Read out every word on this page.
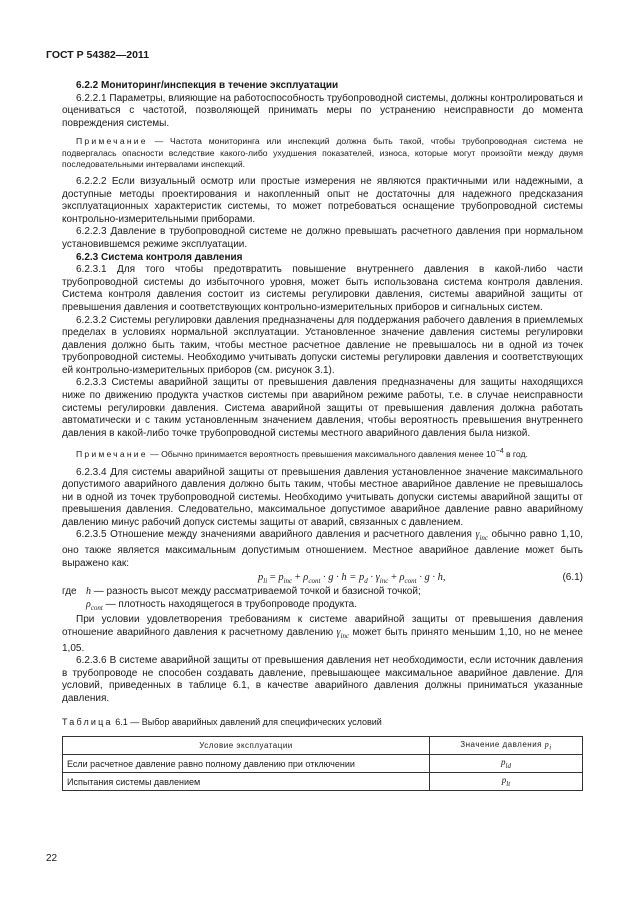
ГОСТ Р 54382—2011
6.2.2 Мониторинг/инспекция в течение эксплуатации

6.2.2.1 Параметры, влияющие на работоспособность трубопроводной системы, должны контролироваться и оцениваться с частотой, позволяющей принимать меры по устранению неисправности до момента повреждения системы.

Примечание — Частота мониторинга или инспекций должна быть такой, чтобы трубопроводная система не подвергалась опасности вследствие какого-либо ухудшения показателей, износа, которые могут произойти между двумя последовательными интервалами инспекций.

6.2.2.2 Если визуальный осмотр или простые измерения не являются практичными или надежными, а доступные методы проектирования и накопленный опыт не достаточны для надежного предсказания эксплуатационных характеристик системы, то может потребоваться оснащение трубопроводной системы контрольно-измерительными приборами.

6.2.2.3 Давление в трубопроводной системе не должно превышать расчетного давления при нормальном установившемся режиме эксплуатации.

6.2.3 Система контроля давления

6.2.3.1 Для того чтобы предотвратить повышение внутреннего давления в какой-либо части трубопроводной системы до избыточного уровня, может быть использована система контроля давления. Система контроля давления состоит из системы регулировки давления, системы аварийной защиты от превышения давления и соответствующих контрольно-измерительных приборов и сигнальных систем.

6.2.3.2 Системы регулировки давления предназначены для поддержания рабочего давления в приемлемых пределах в условиях нормальной эксплуатации. Установленное значение давления системы регулировки давления должно быть таким, чтобы местное расчетное давление не превышалось ни в одной из точек трубопроводной системы. Необходимо учитывать допуски системы регулировки давления и соответствующих ей контрольно-измерительных приборов (см. рисунок 3.1).

6.2.3.3 Системы аварийной защиты от превышения давления предназначены для защиты находящихся ниже по движению продукта участков системы при аварийном режиме работы, т.е. в случае неисправности системы регулировки давления. Система аварийной защиты от превышения давления должна работать автоматически и с таким установленным значением давления, чтобы вероятность превышения внутреннего давления в какой-либо точке трубопроводной системы местного аварийного давления была низкой.

Примечание — Обычно принимается вероятность превышения максимального давления менее $10^{-4}$ в год.

6.2.3.4 Для системы аварийной защиты от превышения давления установленное значение максимального допустимого аварийного давления должно быть таким, чтобы местное аварийное давление не превышалось ни в одной из точек трубопроводной системы. Необходимо учитывать допуски системы аварийной защиты от превышения давления. Следовательно, максимальное допустимое аварийное давление равно аварийному давлению минус рабочий допуск системы защиты от аварий, связанных с давлением.

6.2.3.5 Отношение между значениями аварийного давления и расчетного давления $\gamma_{inc}$ обычно равно 1,10, оно также является максимальным допустимым отношением. Местное аварийное давление может быть выражено как:

$p_{li} = p_{inc} + \rho_{cont} \cdot g \cdot h = p_d \cdot \gamma_{inc} + \rho_{cont} \cdot g \cdot h$,	(6.1)

где h — разность высот между рассматриваемой точкой и базисной точкой;

$\rho_{cont}$ — плотность находящегося в трубопроводе продукта.

При условии удовлетворения требованиям к системе аварийной защиты от превышения давления отношение аварийного давления к расчетному давлению $\gamma_{inc}$ может быть принято меньшим 1,10, но не менее 1,05.

6.2.3.6 В системе аварийной защиты от превышения давления нет необходимости, если источник давления в трубопроводе не способен создавать давление, превышающее максимальное аварийное давление. Для условий, приведенных в таблице 6.1, в качестве аварийного давления должны приниматься указанные давления.

Таблица 6.1 — Выбор аварийных давлений для специфических условий

Условие эксплуатации	Значение давления $p_i$
Если расчетное давление равно полному давлению при отключении	$p_{ld}$
Испытания системы давлением	$p_{lt}$
22
